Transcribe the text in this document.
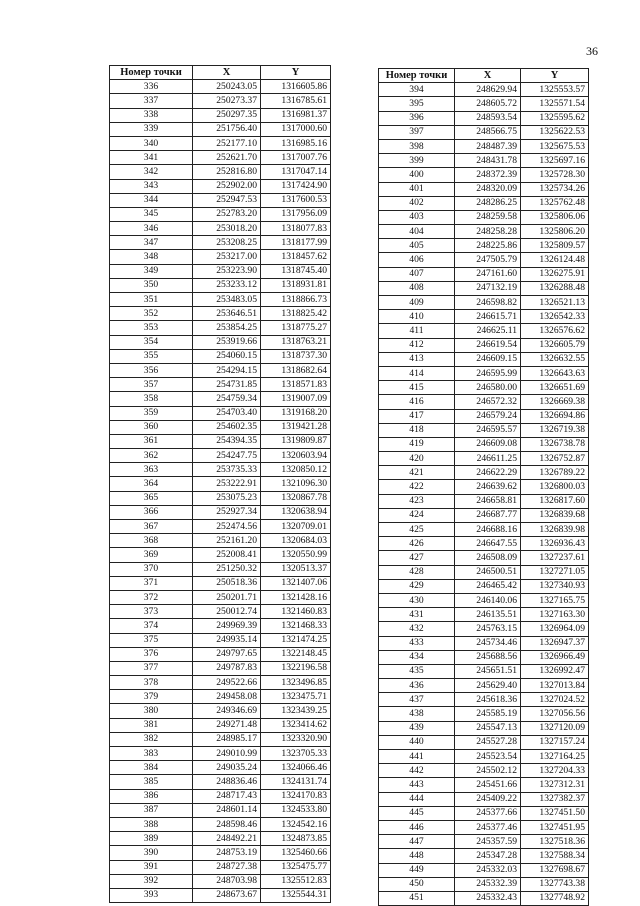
36
Номер точки	X	Y
336	250243.05	1316605.86
337	250273.37	1316785.61
338	250297.35	1316981.37
339	251756.40	1317000.60
340	252177.10	1316985.16
341	252621.70	1317007.76
342	252816.80	1317047.14
343	252902.00	1317424.90
344	252947.53	1317600.53
345	252783.20	1317956.09
346	253018.20	1318077.83
347	253208.25	1318177.99
348	253217.00	1318457.62
349	253223.90	1318745.40
350	253233.12	1318931.81
351	253483.05	1318866.73
352	253646.51	1318825.42
353	253854.25	1318775.27
354	253919.66	1318763.21
355	254060.15	1318737.30
356	254294.15	1318682.64
357	254731.85	1318571.83
358	254759.34	1319007.09
359	254703.40	1319168.20
360	254602.35	1319421.28
361	254394.35	1319809.87
362	254247.75	1320603.94
363	253735.33	1320850.12
364	253222.91	1321096.30
365	253075.23	1320867.78
366	252927.34	1320638.94
367	252474.56	1320709.01
368	252161.20	1320684.03
369	252008.41	1320550.99
370	251250.32	1320513.37
371	250518.36	1321407.06
372	250201.71	1321428.16
373	250012.74	1321460.83
374	249969.39	1321468.33
375	249935.14	1321474.25
376	249797.65	1322148.45
377	249787.83	1322196.58
378	249522.66	1323496.85
379	249458.08	1323475.71
380	249346.69	1323439.25
381	249271.48	1323414.62
382	248985.17	1323320.90
383	249010.99	1323705.33
384	249035.24	1324066.46
385	248836.46	1324131.74
386	248717.43	1324170.83
387	248601.14	1324533.80
388	248598.46	1324542.16
389	248492.21	1324873.85
390	248753.19	1325460.66
391	248727.38	1325475.77
392	248703.98	1325512.83
393	248673.67	1325544.31
Номер точки	X	Y
394	248629.94	1325553.57
395	248605.72	1325571.54
396	248593.54	1325595.62
397	248566.75	1325622.53
398	248487.39	1325675.53
399	248431.78	1325697.16
400	248372.39	1325728.30
401	248320.09	1325734.26
402	248286.25	1325762.48
403	248259.58	1325806.06
404	248258.28	1325806.20
405	248225.86	1325809.57
406	247505.79	1326124.48
407	247161.60	1326275.91
408	247132.19	1326288.48
409	246598.82	1326521.13
410	246615.71	1326542.33
411	246625.11	1326576.62
412	246619.54	1326605.79
413	246609.15	1326632.55
414	246595.99	1326643.63
415	246580.00	1326651.69
416	246572.32	1326669.38
417	246579.24	1326694.86
418	246595.57	1326719.38
419	246609.08	1326738.78
420	246611.25	1326752.87
421	246622.29	1326789.22
422	246639.62	1326800.03
423	246658.81	1326817.60
424	246687.77	1326839.68
425	246688.16	1326839.98
426	246647.55	1326936.43
427	246508.09	1327237.61
428	246500.51	1327271.05
429	246465.42	1327340.93
430	246140.06	1327165.75
431	246135.51	1327163.30
432	245763.15	1326964.09
433	245734.46	1326947.37
434	245688.56	1326966.49
435	245651.51	1326992.47
436	245629.40	1327013.84
437	245618.36	1327024.52
438	245585.19	1327056.56
439	245547.13	1327120.09
440	245527.28	1327157.24
441	245523.54	1327164.25
442	245502.12	1327204.33
443	245451.66	1327312.31
444	245409.22	1327382.37
445	245377.66	1327451.50
446	245377.46	1327451.95
447	245357.59	1327518.36
448	245347.28	1327588.34
449	245332.03	1327698.67
450	245332.39	1327743.38
451	245332.43	1327748.92
